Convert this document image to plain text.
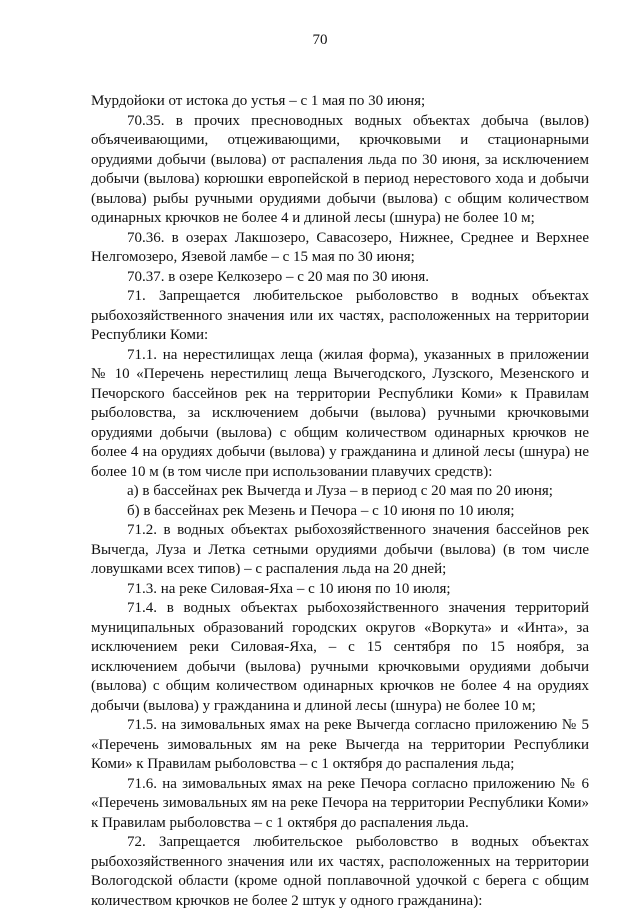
70

Мурдойоки от истока до устья – с 1 мая по 30 июня;

70.35. в прочих пресноводных водных объектах добыча (вылов) объячеивающими, отцеживающими, крючковыми и стационарными орудиями добычи (вылова) от распаления льда по 30 июня, за исключением добычи (вылова) корюшки европейской в период нерестового хода и добычи (вылова) рыбы ручными орудиями добычи (вылова) с общим количеством одинарных крючков не более 4 и длиной лесы (шнура) не более 10 м;

70.36. в озерах Лакшозеро, Савасозеро, Нижнее, Среднее и Верхнее Нелгомозеро, Язевой ламбе – с 15 мая по 30 июня;

70.37. в озере Келкозеро – с 20 мая по 30 июня.

71. Запрещается любительское рыболовство в водных объектах рыбохозяйственного значения или их частях, расположенных на территории Республики Коми:

71.1. на нерестилищах леща (жилая форма), указанных в приложении № 10 «Перечень нерестилищ леща Вычегодского, Лузского, Мезенского и Печорского бассейнов рек на территории Республики Коми» к Правилам рыболовства, за исключением добычи (вылова) ручными крючковыми орудиями добычи (вылова) с общим количеством одинарных крючков не более 4 на орудиях добычи (вылова) у гражданина и длиной лесы (шнура) не более 10 м (в том числе при использовании плавучих средств):

а) в бассейнах рек Вычегда и Луза – в период с 20 мая по 20 июня;

б) в бассейнах рек Мезень и Печора – с 10 июня по 10 июля;

71.2. в водных объектах рыбохозяйственного значения бассейнов рек Вычегда, Луза и Летка сетными орудиями добычи (вылова) (в том числе ловушками всех типов) – с распаления льда на 20 дней;

71.3. на реке Силовая-Яха – с 10 июня по 10 июля;

71.4. в водных объектах рыбохозяйственного значения территорий муниципальных образований городских округов «Воркута» и «Инта», за исключением реки Силовая-Яха, – с 15 сентября по 15 ноября, за исключением добычи (вылова) ручными крючковыми орудиями добычи (вылова) с общим количеством одинарных крючков не более 4 на орудиях добычи (вылова) у гражданина и длиной лесы (шнура) не более 10 м;

71.5. на зимовальных ямах на реке Вычегда согласно приложению № 5 «Перечень зимовальных ям на реке Вычегда на территории Республики Коми» к Правилам рыболовства – с 1 октября до распаления льда;

71.6. на зимовальных ямах на реке Печора согласно приложению № 6 «Перечень зимовальных ям на реке Печора на территории Республики Коми» к Правилам рыболовства – с 1 октября до распаления льда.

72. Запрещается любительское рыболовство в водных объектах рыбохозяйственного значения или их частях, расположенных на территории Вологодской области (кроме одной поплавочной удочкой с берега с общим количеством крючков не более 2 штук у одного гражданина):
